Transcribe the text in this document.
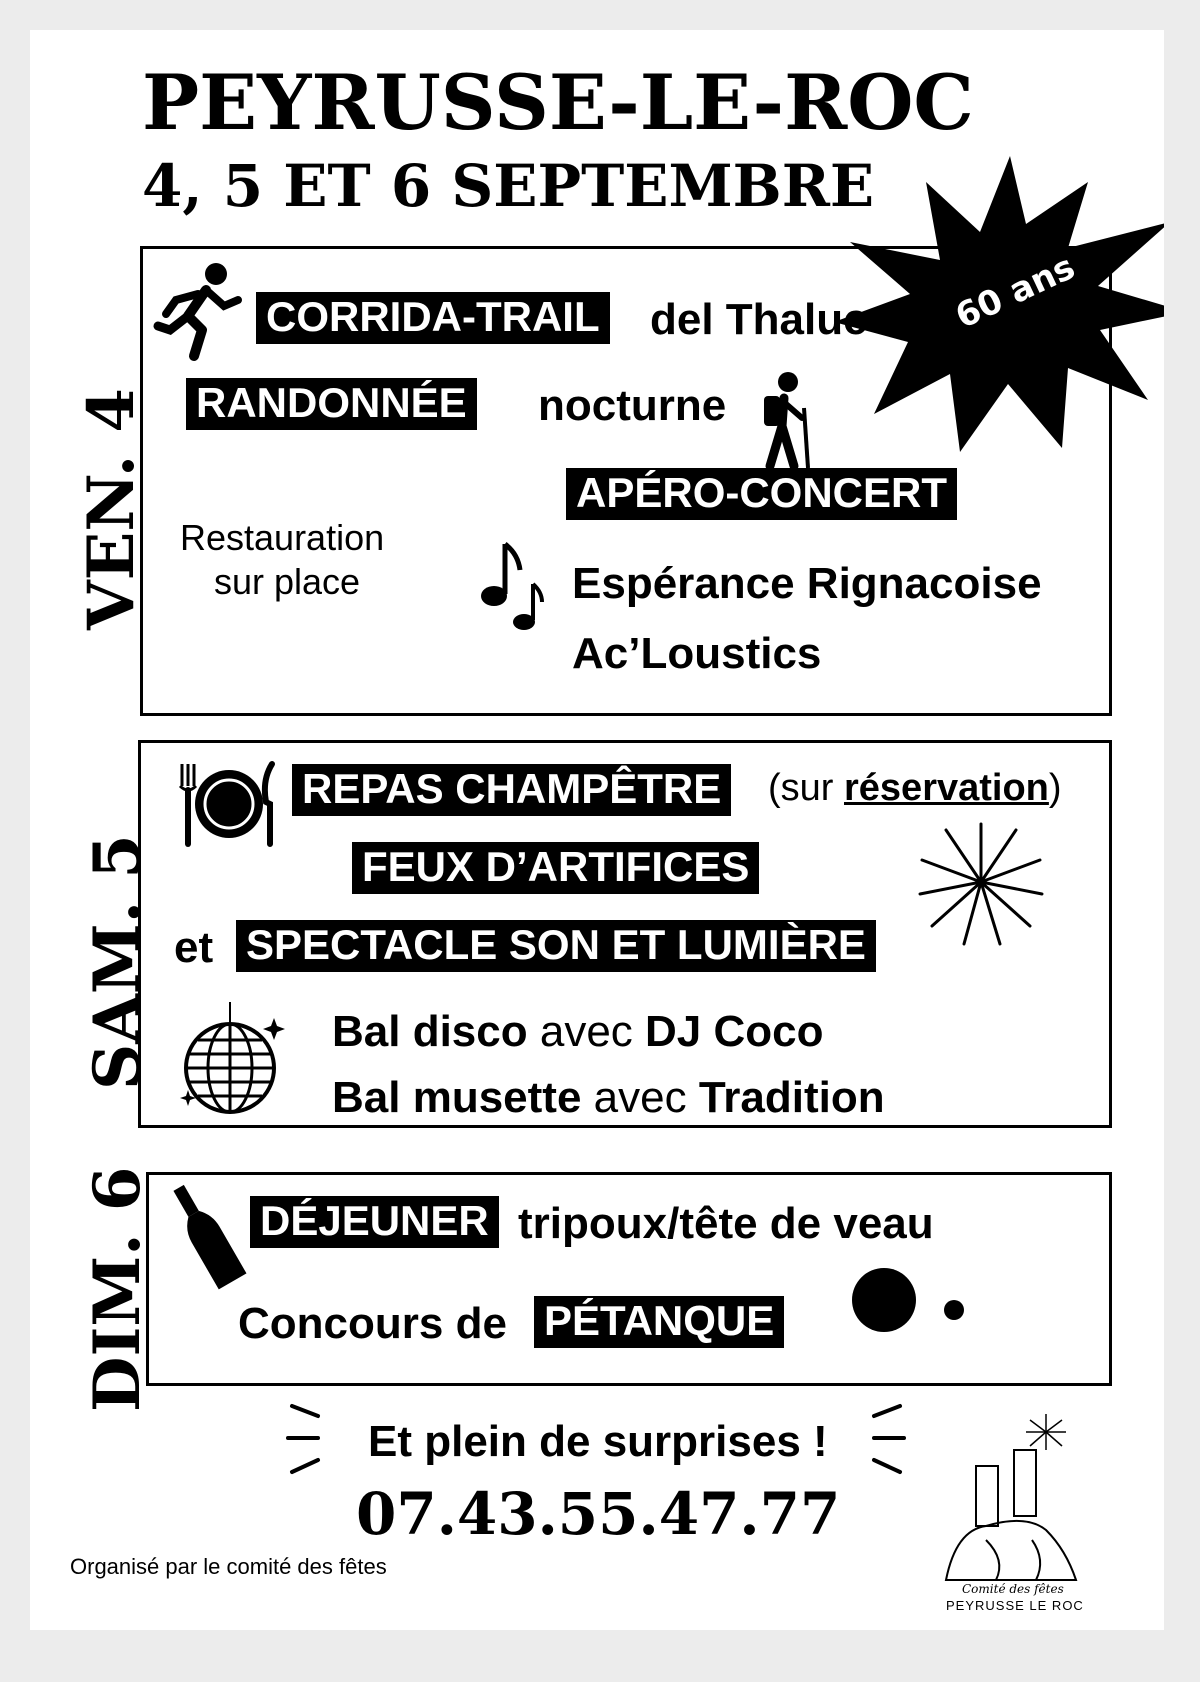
PEYRUSSE-LE-ROC
4, 5 ET 6 SEPTEMBRE
60 ans
VEN. 4
CORRIDA-TRAIL del Thaluc
RANDONNÉE nocturne
APÉRO-CONCERT
Restauration
sur place	Espérance Rignacoise
Ac’Loustics
SAM. 5
REPAS CHAMPÊTRE (sur réservation)
FEUX D’ARTIFICES
et SPECTACLE SON ET LUMIÈRE
Bal disco avec DJ Coco
Bal musette avec Tradition
DIM. 6	DÉJEUNER tripoux/tête de veau
Concours de PÉTANQUE
Et plein de surprises !
07.43.55.47.77
Organisé par le comité des fêtes
Comité des fêtes
PEYRUSSE LE ROC
